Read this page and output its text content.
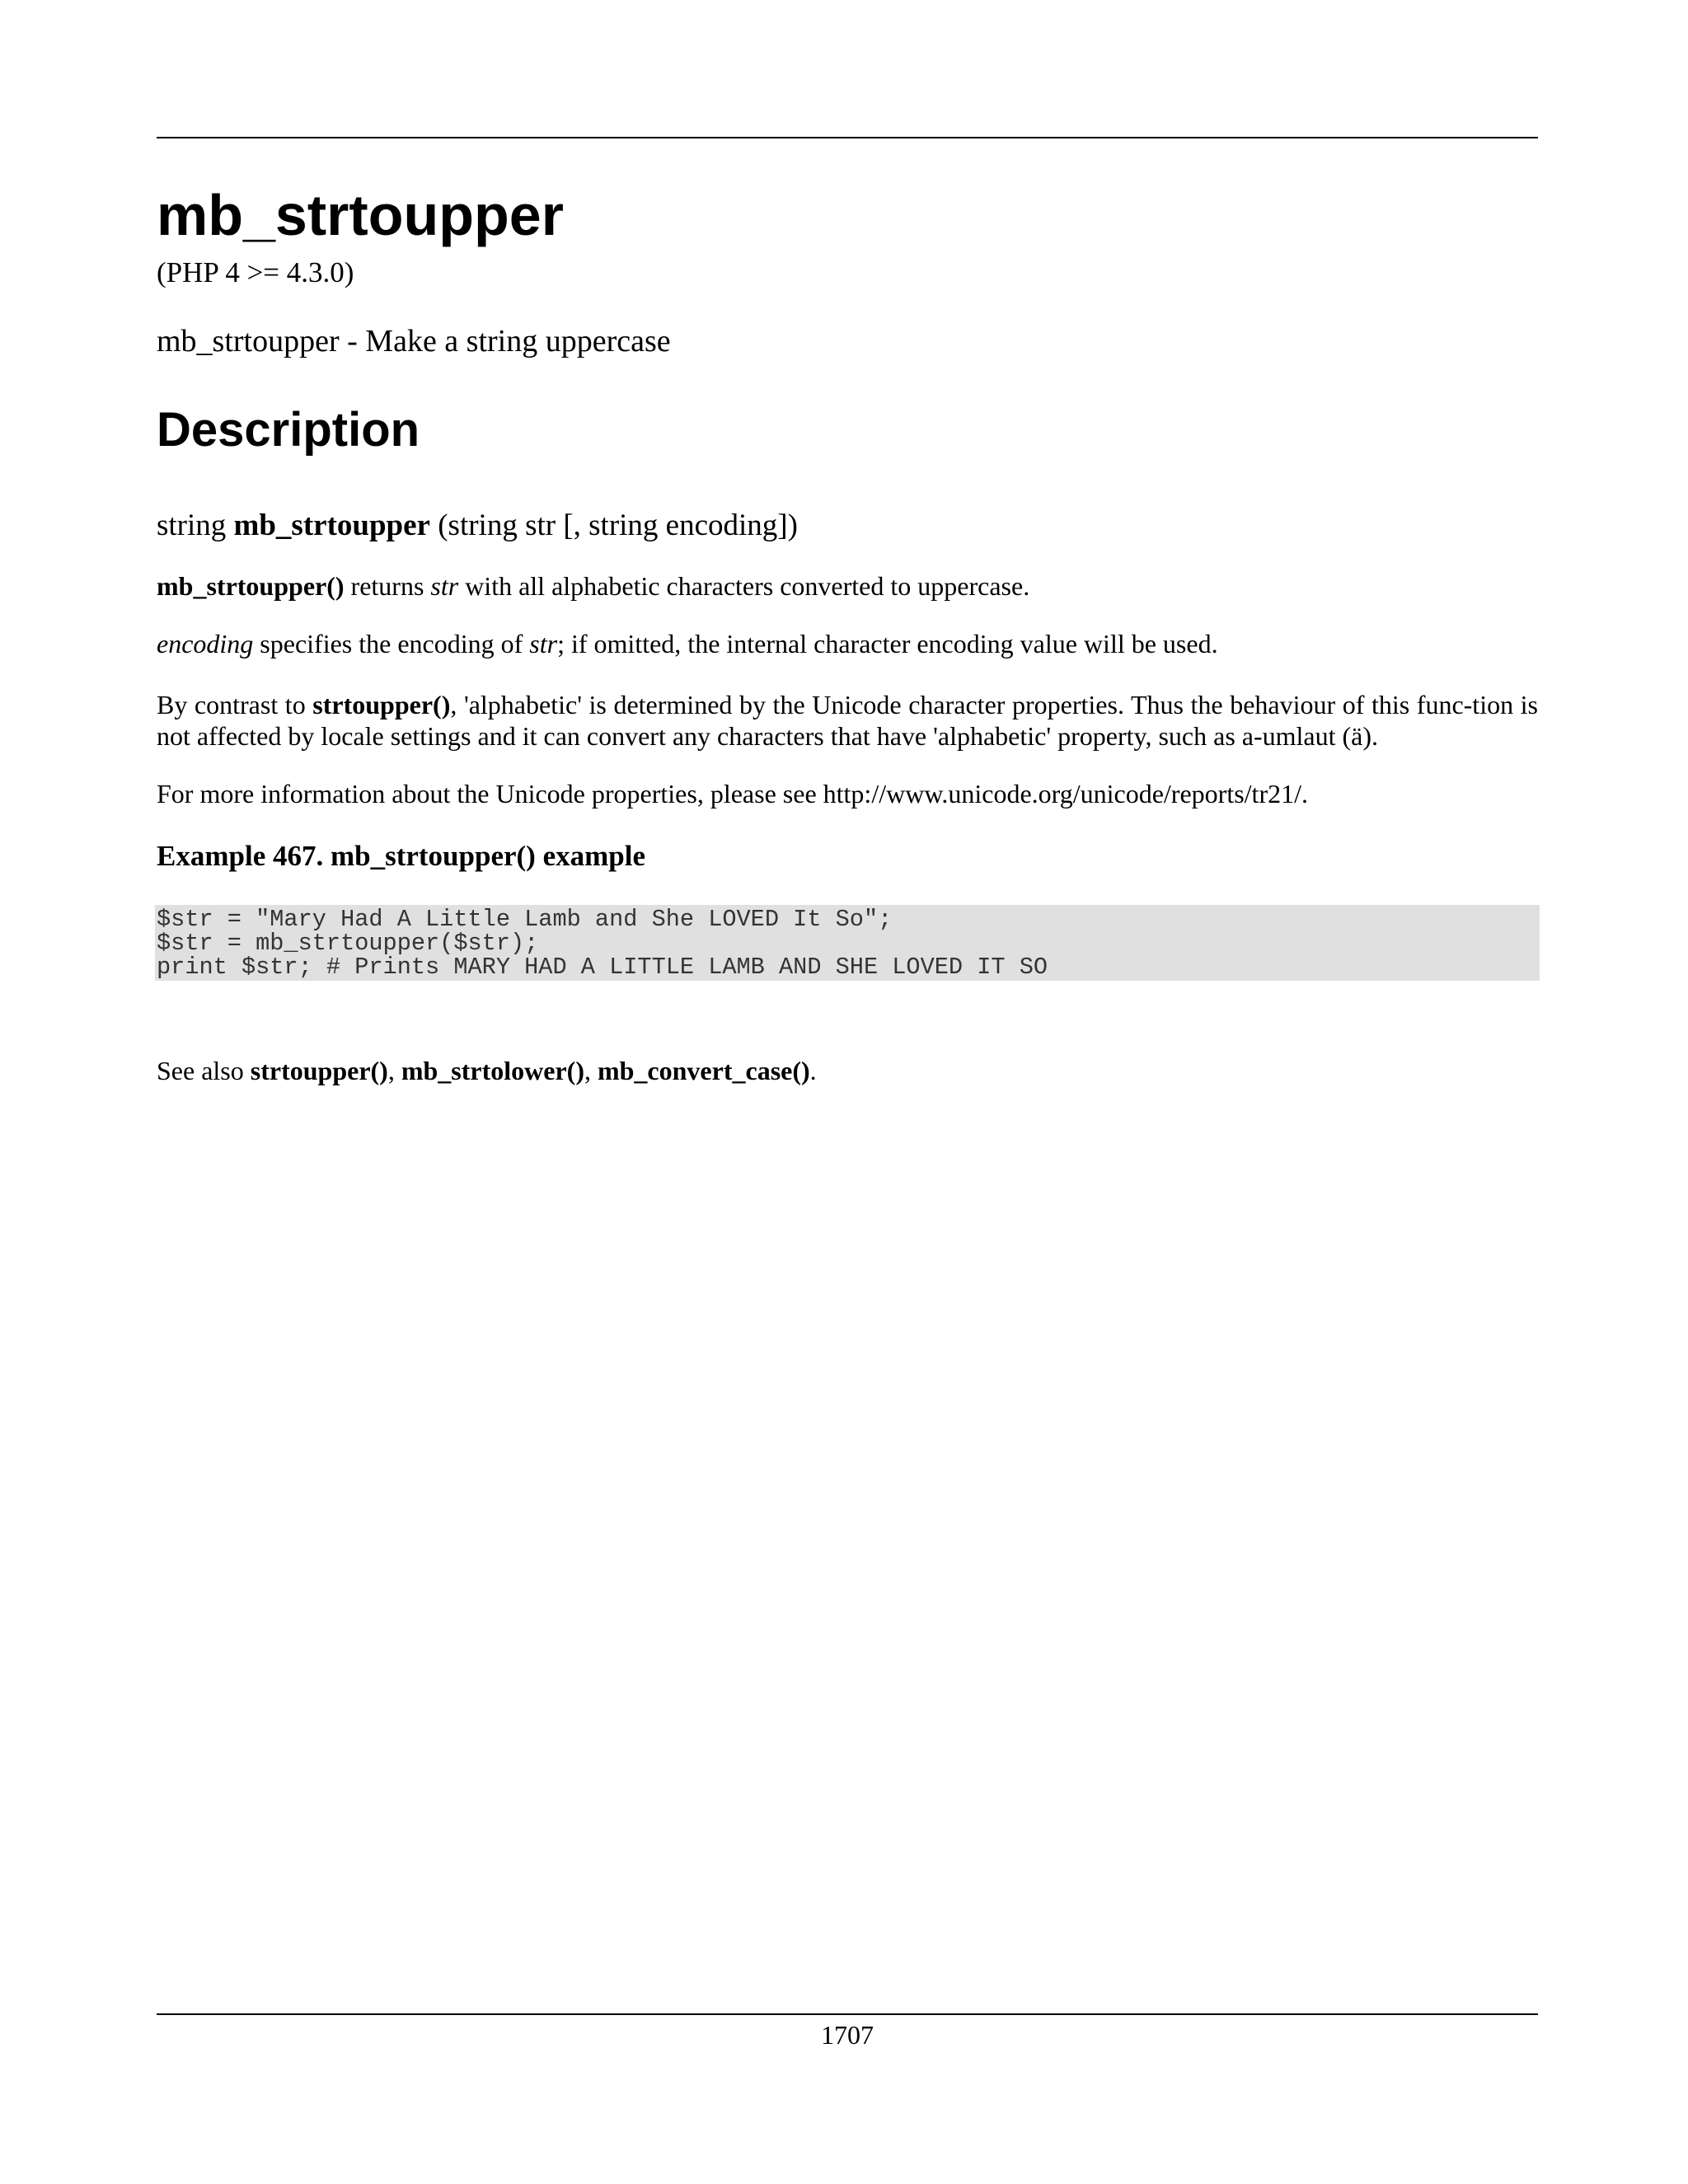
mb_strtoupper
(PHP 4 >= 4.3.0)
mb_strtoupper - Make a string uppercase
Description
string mb_strtoupper (string str [, string encoding])
mb_strtoupper() returns str with all alphabetic characters converted to uppercase.
encoding specifies the encoding of str; if omitted, the internal character encoding value will be used.
By contrast to strtoupper(), 'alphabetic' is determined by the Unicode character properties. Thus the behaviour of this func-tion is not affected by locale settings and it can convert any characters that have 'alphabetic' property, such as a-umlaut (ä).
For more information about the Unicode properties, please see http://www.unicode.org/unicode/reports/tr21/.
Example 467. mb_strtoupper() example
$str = "Mary Had A Little Lamb and She LOVED It So";
$str = mb_strtoupper($str);
print $str; # Prints MARY HAD A LITTLE LAMB AND SHE LOVED IT SO
See also strtoupper(), mb_strtolower(), mb_convert_case().
1707
